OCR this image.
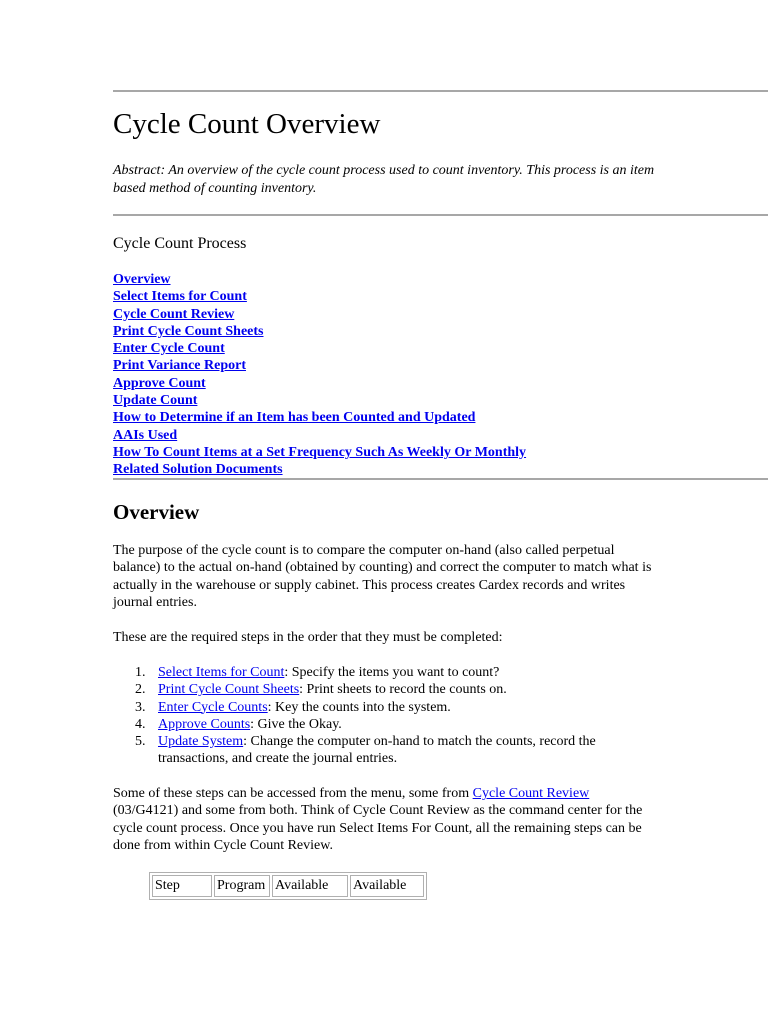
Cycle Count Overview

Abstract: An overview of the cycle count process used to count inventory. This process is an item based method of counting inventory.

Cycle Count Process
Overview
Select Items for Count
Cycle Count Review
Print Cycle Count Sheets
Enter Cycle Count
Print Variance Report
Approve Count
Update Count
How to Determine if an Item has been Counted and Updated
AAIs Used
How To Count Items at a Set Frequency Such As Weekly Or Monthly
Related Solution Documents
Overview

The purpose of the cycle count is to compare the computer on-hand (also called perpetual balance) to the actual on-hand (obtained by counting) and correct the computer to match what is actually in the warehouse or supply cabinet. This process creates Cardex records and writes journal entries.

These are the required steps in the order that they must be completed:

1. Select Items for Count: Specify the items you want to count?
2. Print Cycle Count Sheets: Print sheets to record the counts on.
3. Enter Cycle Counts: Key the counts into the system.
4. Approve Counts: Give the Okay.
5. Update System: Change the computer on-hand to match the counts, record the transactions, and create the journal entries.

Some of these steps can be accessed from the menu, some from Cycle Count Review (03/G4121) and some from both. Think of Cycle Count Review as the command center for the cycle count process. Once you have run Select Items For Count, all the remaining steps can be done from within Cycle Count Review.

Step	Program	Available	Available
